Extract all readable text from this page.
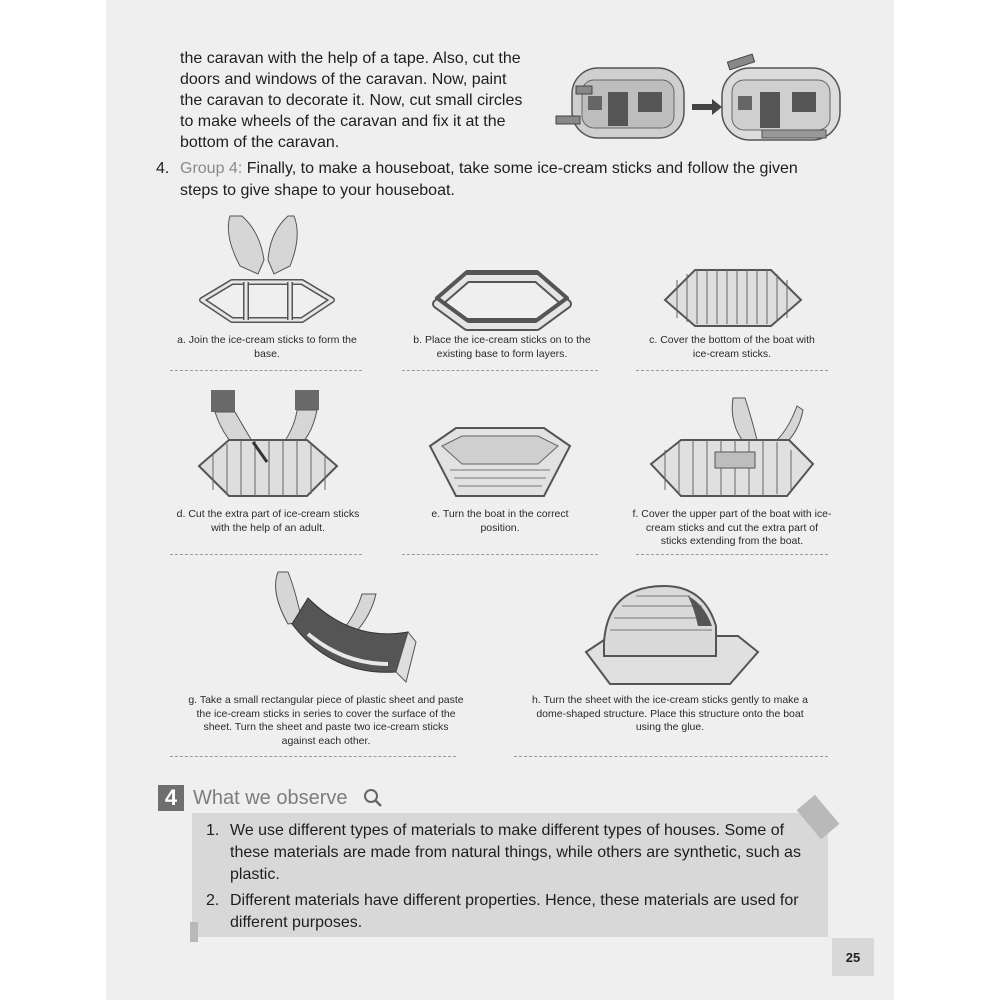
the caravan with the help of a tape. Also, cut the

doors and windows of the caravan. Now, paint

the caravan to decorate it. Now, cut small circles

to make wheels of the caravan and fix it at the

bottom of the caravan.

4. Group 4: Finally, to make a houseboat, take some ice-cream sticks and follow the given
steps to give shape to your houseboat.
a. Join the ice-cream sticks to form the base.
b. Place the ice-cream sticks on to the existing base to form layers.
c. Cover the bottom of the boat with ice-cream sticks.
d. Cut the extra part of ice-cream sticks with the help of an adult.
e. Turn the boat in the correct position.
f. Cover the upper part of the boat with ice-cream sticks and cut the extra part of sticks extending from the boat.
g. Take a small rectangular piece of plastic sheet and paste the ice-cream sticks in series to cover the surface of the sheet. Turn the sheet and paste two ice-cream sticks against each other.
h. Turn the sheet with the ice-cream sticks gently to make a dome-shaped structure. Place this structure onto the boat using the glue.
4 What we observe
1. We use different types of materials to make different types of houses. Some of these materials are made from natural things, while others are synthetic, such as plastic.
2. Different materials have different properties. Hence, these materials are used for different purposes.
25
